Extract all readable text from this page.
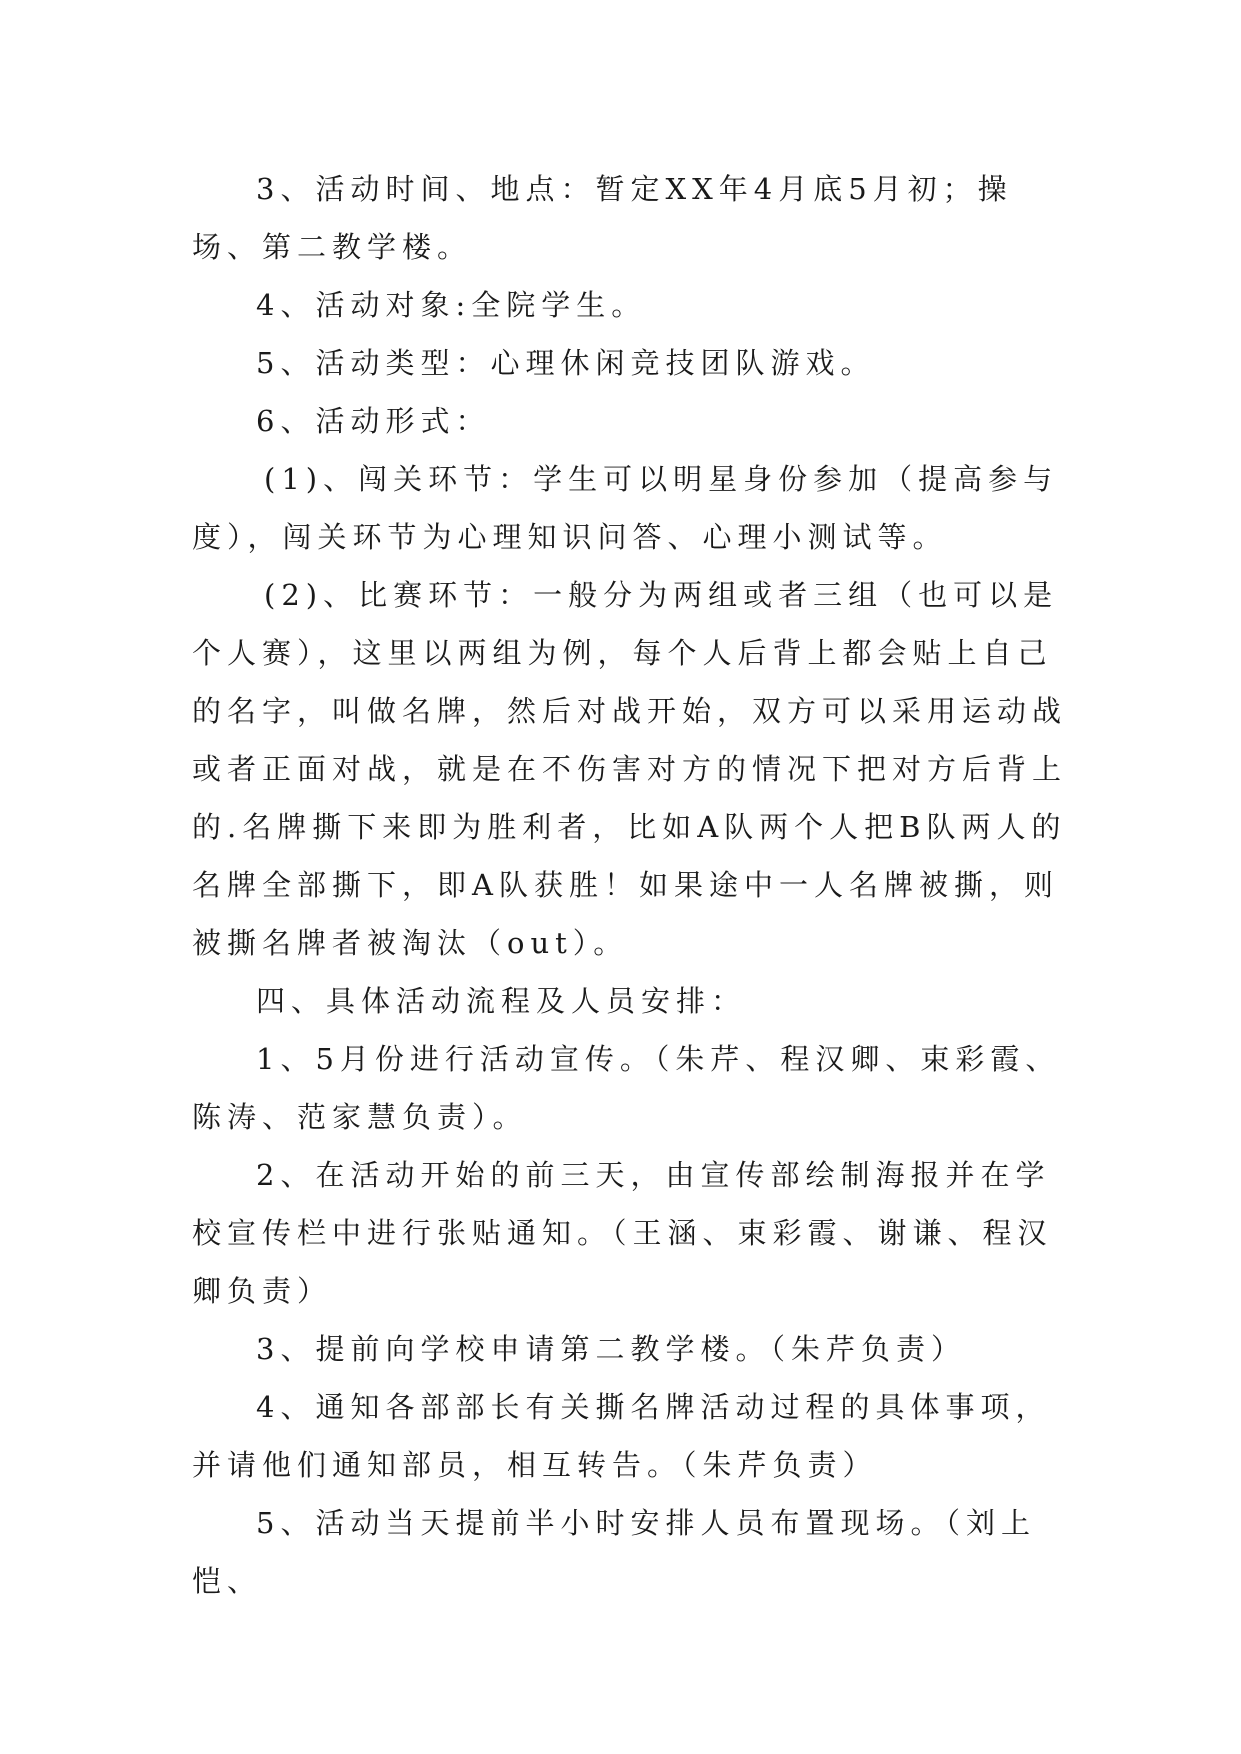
3、活动时间、地点：暂定XX年4月底5月初；操场、第二教学楼。

4、活动对象:全院学生。

5、活动类型：心理休闲竞技团队游戏。

6、活动形式：

(1)、闯关环节：学生可以明星身份参加（提高参与度），闯关环节为心理知识问答、心理小测试等。

(2)、比赛环节：一般分为两组或者三组（也可以是个人赛），这里以两组为例，每个人后背上都会贴上自己的名字，叫做名牌，然后对战开始，双方可以采用运动战或者正面对战，就是在不伤害对方的情况下把对方后背上的.名牌撕下来即为胜利者，比如A队两个人把B队两人的名牌全部撕下，即A队获胜！如果途中一人名牌被撕，则被撕名牌者被淘汰（out）。

四、具体活动流程及人员安排：

1、5月份进行活动宣传。（朱芹、程汉卿、束彩霞、陈涛、范家慧负责）。

2、在活动开始的前三天，由宣传部绘制海报并在学校宣传栏中进行张贴通知。（王涵、束彩霞、谢谦、程汉卿负责）

3、提前向学校申请第二教学楼。（朱芹负责）

4、通知各部部长有关撕名牌活动过程的具体事项，并请他们通知部员，相互转告。（朱芹负责）

5、活动当天提前半小时安排人员布置现场。（刘上恺、
